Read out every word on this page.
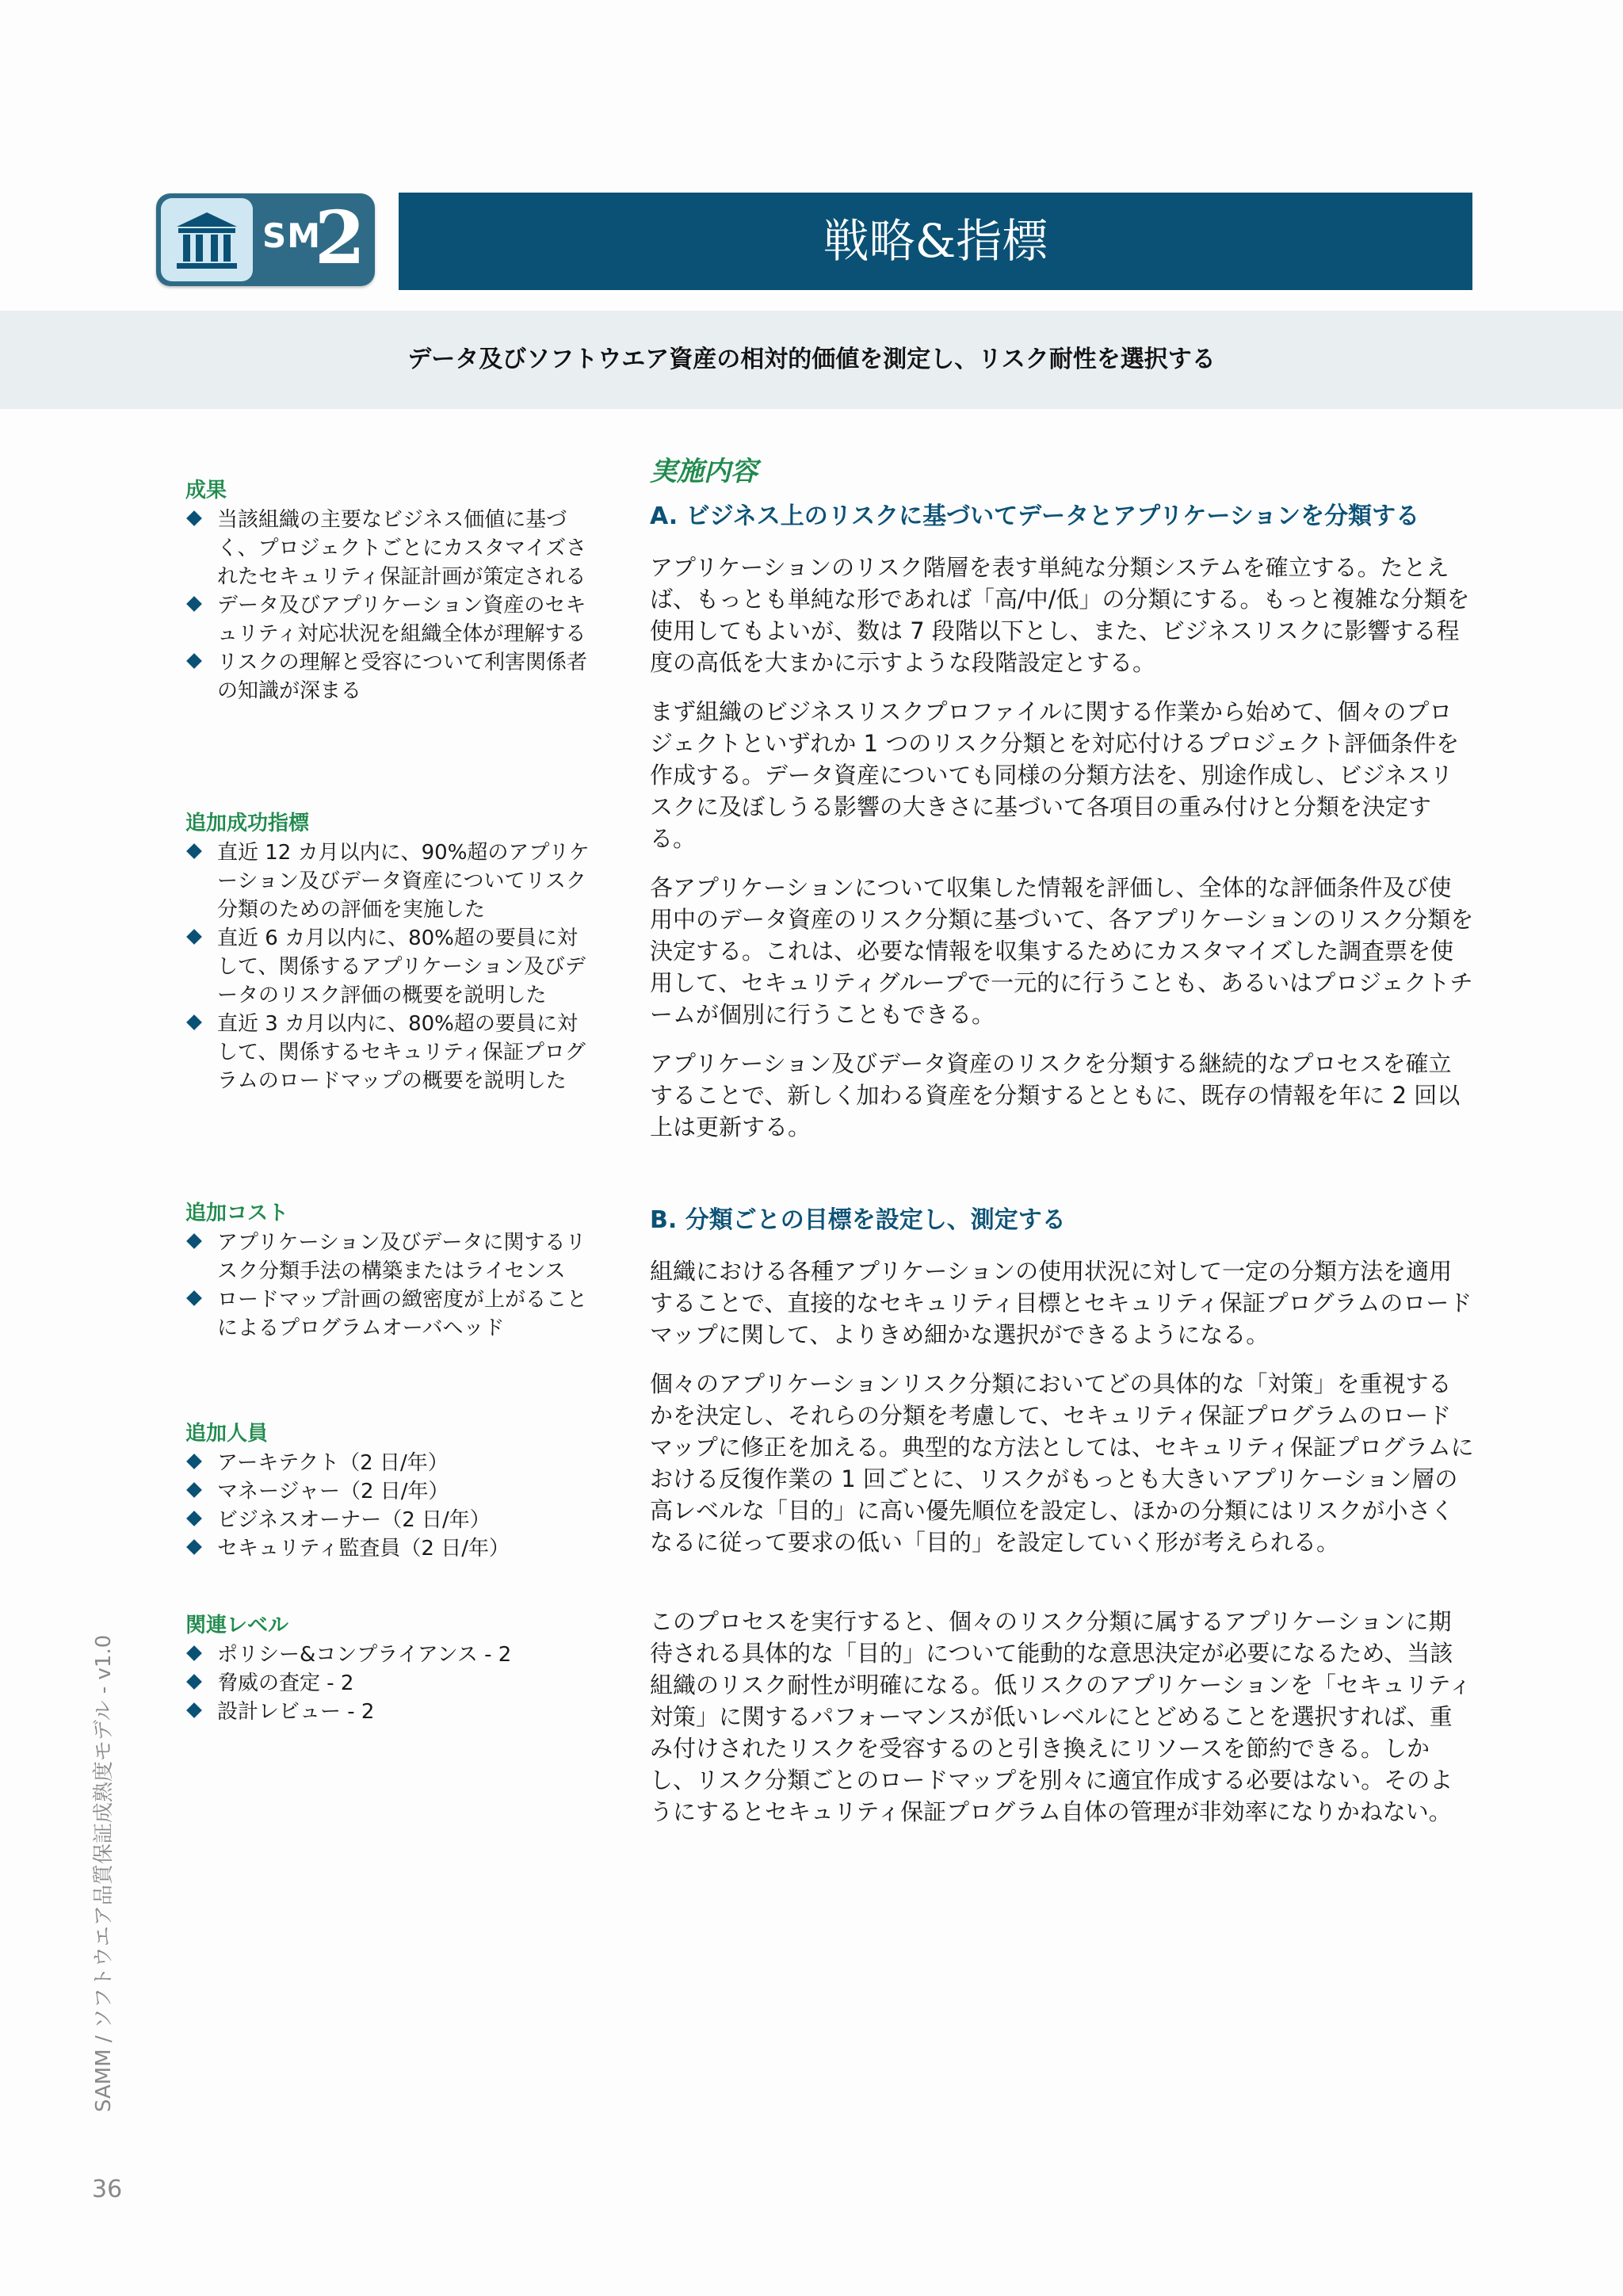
SM
2	戦略&指標
データ及びソフトウエア資産の相対的価値を測定し、リスク耐性を選択する
成果
当該組織の主要なビジネス価値に基づく、プロジェクトごとにカスタマイズされたセキュリティ保証計画が策定される
データ及びアプリケーション資産のセキュリティ対応状況を組織全体が理解する
リスクの理解と受容について利害関係者の知識が深まる
追加成功指標
直近 12 カ月以内に、90%超のアプリケーション及びデータ資産についてリスク分類のための評価を実施した
直近 6 カ月以内に、80%超の要員に対して、関係するアプリケーション及びデータのリスク評価の概要を説明した
直近 3 カ月以内に、80%超の要員に対して、関係するセキュリティ保証プログラムのロードマップの概要を説明した
追加コスト
アプリケーション及びデータに関するリスク分類手法の構築またはライセンス
ロードマップ計画の緻密度が上がることによるプログラムオーバヘッド
追加人員
アーキテクト（2 日/年）
マネージャー（2 日/年）
ビジネスオーナー（2 日/年）
セキュリティ監査員（2 日/年）
関連レベル
ポリシー&コンプライアンス - 2
脅威の査定 - 2
設計レビュー - 2
実施内容
A. ビジネス上のリスクに基づいてデータとアプリケーションを分類する

アプリケーションのリスク階層を表す単純な分類システムを確立する。たとえば、もっとも単純な形であれば「高/中/低」の分類にする。もっと複雑な分類を使用してもよいが、数は 7 段階以下とし、また、ビジネスリスクに影響する程度の高低を大まかに示すような段階設定とする。

まず組織のビジネスリスクプロファイルに関する作業から始めて、個々のプロジェクトといずれか 1 つのリスク分類とを対応付けるプロジェクト評価条件を作成する。データ資産についても同様の分類方法を、別途作成し、ビジネスリスクに及ぼしうる影響の大きさに基づいて各項目の重み付けと分類を決定する。

各アプリケーションについて収集した情報を評価し、全体的な評価条件及び使用中のデータ資産のリスク分類に基づいて、各アプリケーションのリスク分類を決定する。これは、必要な情報を収集するためにカスタマイズした調査票を使用して、セキュリティグループで一元的に行うことも、あるいはプロジェクトチームが個別に行うこともできる。

アプリケーション及びデータ資産のリスクを分類する継続的なプロセスを確立することで、新しく加わる資産を分類するとともに、既存の情報を年に 2 回以上は更新する。

B. 分類ごとの目標を設定し、測定する

組織における各種アプリケーションの使用状況に対して一定の分類方法を適用することで、直接的なセキュリティ目標とセキュリティ保証プログラムのロードマップに関して、よりきめ細かな選択ができるようになる。

個々のアプリケーションリスク分類においてどの具体的な「対策」を重視するかを決定し、それらの分類を考慮して、セキュリティ保証プログラムのロードマップに修正を加える。典型的な方法としては、セキュリティ保証プログラムにおける反復作業の 1 回ごとに、リスクがもっとも大きいアプリケーション層の高レベルな「目的」に高い優先順位を設定し、ほかの分類にはリスクが小さくなるに従って要求の低い「目的」を設定していく形が考えられる。

このプロセスを実行すると、個々のリスク分類に属するアプリケーションに期待される具体的な「目的」について能動的な意思決定が必要になるため、当該組織のリスク耐性が明確になる。低リスクのアプリケーションを「セキュリティ対策」に関するパフォーマンスが低いレベルにとどめることを選択すれば、重み付けされたリスクを受容するのと引き換えにリソースを節約できる。しかし、リスク分類ごとのロードマップを別々に適宜作成する必要はない。そのようにするとセキュリティ保証プログラム自体の管理が非効率になりかねない。

SAMM / ソフトウエア品質保証成熟度モデル - v1.0
36
